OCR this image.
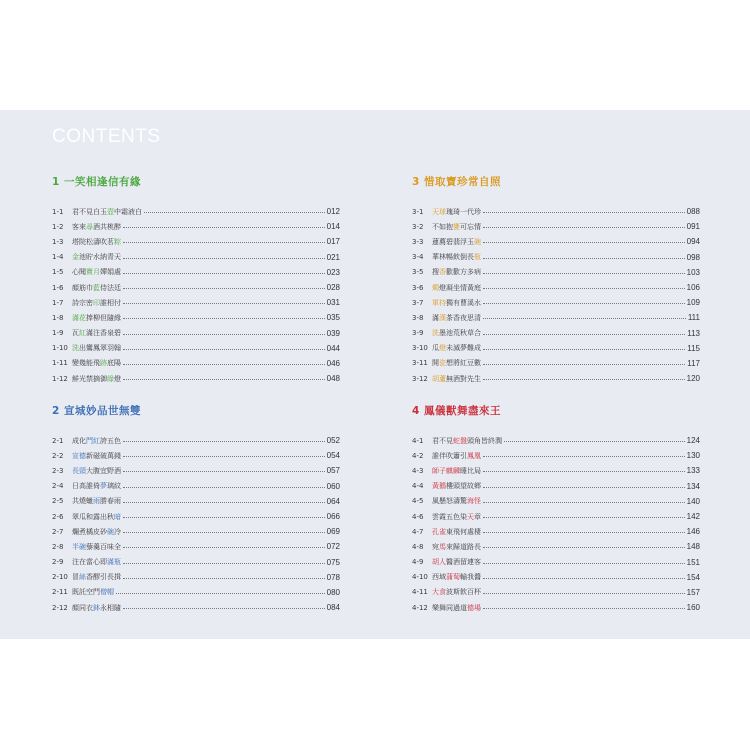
CONTENTS
1 一笑相逢信有緣
1-1	君不見白玉壺中霜液白	012
1-2	客來尋酒共桃醉	014
1-3	塔院松濤吹茗粽	017
1-4	金池貯水納青天	021
1-5	心聞寶月嬋娟處	023
1-6	顏筋巾藍侍法廷	028
1-7	詩宗密印誰相付	031
1-8	滿花捧柳但隨緣	035
1-9	瓦紅滿注香泉碧	039
1-10 洗出鸞鳳翠羽翰	044
1-11 變幾能飛跡底陽	046
1-12 鮮光禁摘御綠燈	048
2 宣城妙品世無雙
2-1	成化鬥紅誇五色	052
2-2	宣德新磁破萬錢	054
2-3	長頸大腹宜野酒	057
2-4	日高誰倚夢璃紋	060
2-5	共燒蠟雨勝春雨	064
2-6	翠瓜和露出秋暗	066
2-7	爛煮橘皮砂碗冷	069
2-8	半碗藜羹百味全	072
2-9	注在當心即滿瓶	075
2-10 冒絲香醪引長揖	078
2-11 既託空門僧帽	080
2-12 顏同衣鉢永相隨	084
3 惜取寶珍常自照
3-1	天球瑰琦一代珍	088
3-2	不如抱甕可忘情	091
3-3	蓮薦碧翡浮玉碗	094
3-4	華林暢飲倒長瓶	098
3-5	搜香歡歡方多病	103
3-6	燭燈凝坐情黃庭	106
3-7	軍持獨有曹溪水	109
3-8	滿漢茶香夜思清	111
3-9	洗墨池荒秋草合	113
3-10 瓜燈未滅夢難成	115
3-11 開瓷想將紅豆數	117
3-12 胡蘆無酒對先生	120
4 鳳儀獸舞盡來王
4-1	君不見蛇盤頭角皆終潤	124
4-2	誰伴吹簫引鳳凰	130
4-3	師子麒麟睡比局	133
4-4	黃鵝樓頭望故鄉	134
4-5	風懸怒濤驚海怪	140
4-6	雲霞五色染天章	142
4-7	孔雀東飛何處棲	146
4-8	宛馬來歸道路長	148
4-9	胡人醫酒留連客	151
4-10 西域蒲萄輸我醬	154
4-11 大食波斯飲百杯	157
4-12 樂舞同過道德場	160
